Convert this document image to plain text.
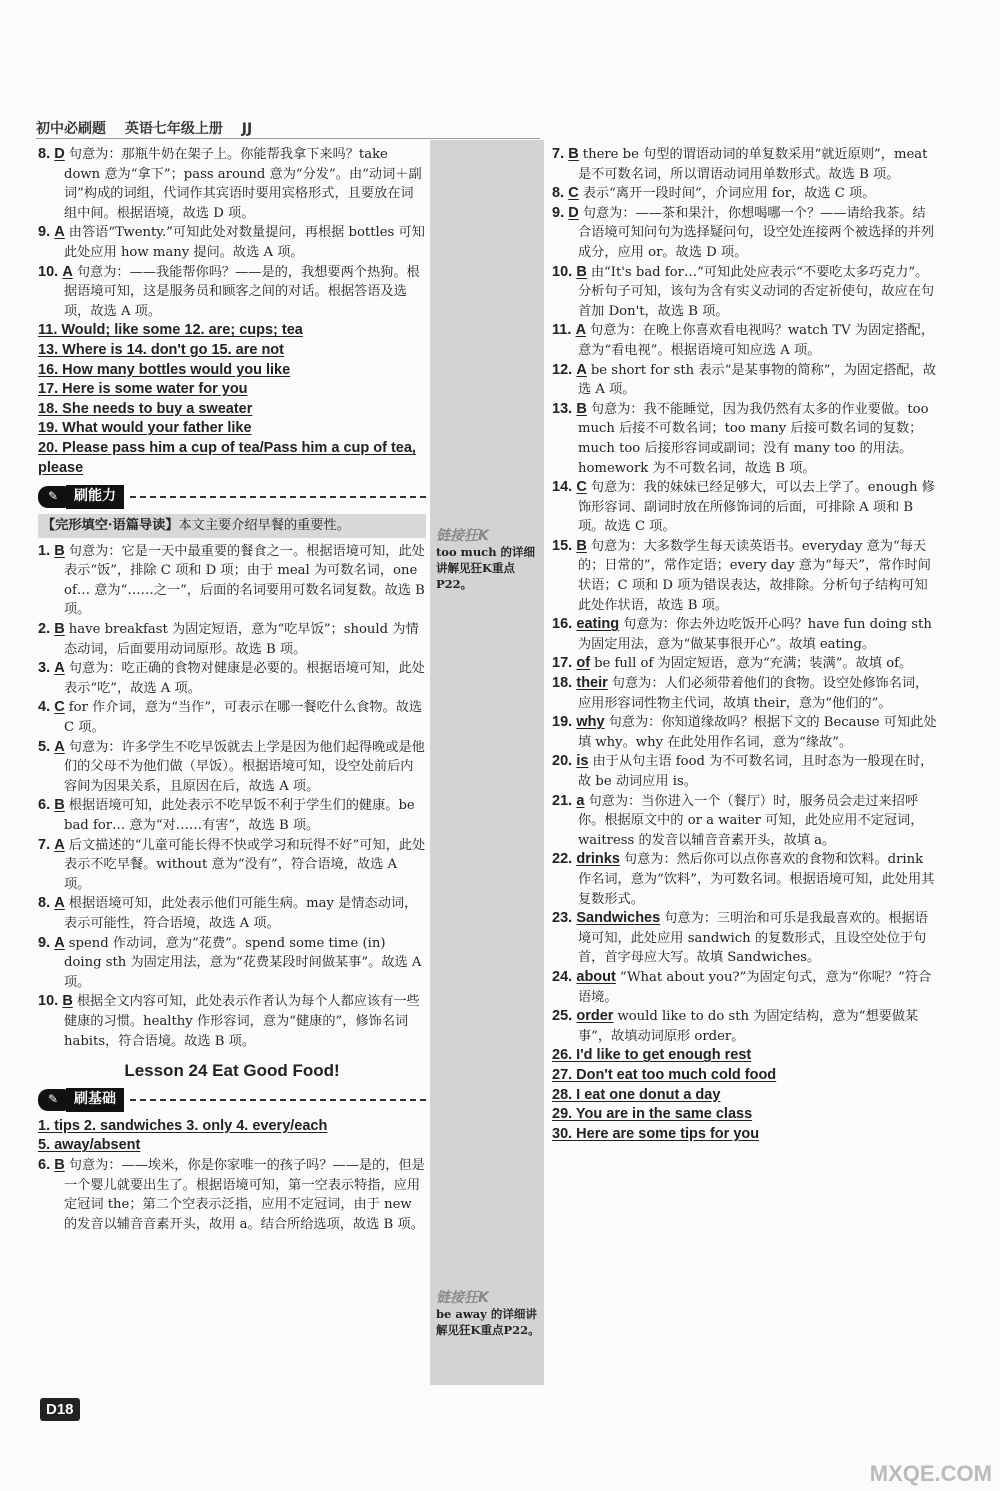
初中必刷题 英语七年级上册 JJ
链接狂K
too much 的详细讲解见狂K重点P22。
链接狂K
be away 的详细讲解见狂K重点P22。

8. D 句意为：那瓶牛奶在架子上。你能帮我拿下来吗？take down 意为“拿下”；pass around 意为“分发”。由“动词＋副词”构成的词组，代词作其宾语时要用宾格形式，且要放在词组中间。根据语境，故选 D 项。

9. A 由答语“Twenty.”可知此处对数量提问，再根据 bottles 可知此处应用 how many 提问。故选 A 项。

10. A 句意为：——我能帮你吗？——是的，我想要两个热狗。根据语境可知，这是服务员和顾客之间的对话。根据答语及选项，故选 A 项。

11. Would; like some 12. are; cups; tea

13. Where is 14. don't go 15. are not

16. How many bottles would you like

17. Here is some water for you

18. She needs to buy a sweater

19. What would your father like

20. Please pass him a cup of tea/Pass him a cup of tea, please

✎	刷能力
【完形填空·语篇导读】本文主要介绍早餐的重要性。

1. B 句意为：它是一天中最重要的餐食之一。根据语境可知，此处表示“饭”，排除 C 项和 D 项；由于 meal 为可数名词，one of… 意为“……之一”，后面的名词要用可数名词复数。故选 B 项。

2. B have breakfast 为固定短语，意为“吃早饭”；should 为情态动词，后面要用动词原形。故选 B 项。

3. A 句意为：吃正确的食物对健康是必要的。根据语境可知，此处表示“吃”，故选 A 项。

4. C for 作介词，意为“当作”，可表示在哪一餐吃什么食物。故选 C 项。

5. A 句意为：许多学生不吃早饭就去上学是因为他们起得晚或是他们的父母不为他们做（早饭）。根据语境可知，设空处前后内容间为因果关系，且原因在后，故选 A 项。

6. B 根据语境可知，此处表示不吃早饭不利于学生们的健康。be bad for… 意为“对……有害”，故选 B 项。

7. A 后文描述的“儿童可能长得不快或学习和玩得不好”可知，此处表示不吃早餐。without 意为“没有”，符合语境，故选 A 项。

8. A 根据语境可知，此处表示他们可能生病。may 是情态动词，表示可能性，符合语境，故选 A 项。

9. A spend 作动词，意为“花费”。spend some time (in) doing sth 为固定用法，意为“花费某段时间做某事”。故选 A 项。

10. B 根据全文内容可知，此处表示作者认为每个人都应该有一些健康的习惯。healthy 作形容词，意为“健康的”，修饰名词 habits，符合语境。故选 B 项。

Lesson 24 Eat Good Food!
✎	刷基础

1. tips 2. sandwiches 3. only 4. every/each

5. away/absent

6. B 句意为：——埃米，你是你家唯一的孩子吗？——是的，但是一个婴儿就要出生了。根据语境可知，第一空表示特指，应用定冠词 the；第二个空表示泛指，应用不定冠词，由于 new 的发音以辅音音素开头，故用 a。结合所给选项，故选 B 项。

7. B there be 句型的谓语动词的单复数采用“就近原则”，meat 是不可数名词，所以谓语动词用单数形式。故选 B 项。

8. C 表示“离开一段时间”，介词应用 for，故选 C 项。

9. D 句意为：——茶和果汁，你想喝哪一个？——请给我茶。结合语境可知问句为选择疑问句，设空处连接两个被选择的并列成分，应用 or。故选 D 项。

10. B 由“It's bad for…”可知此处应表示“不要吃太多巧克力”。分析句子可知，该句为含有实义动词的否定祈使句，故应在句首加 Don't，故选 B 项。

11. A 句意为：在晚上你喜欢看电视吗？watch TV 为固定搭配，意为“看电视”。根据语境可知应选 A 项。

12. A be short for sth 表示“是某事物的简称”，为固定搭配，故选 A 项。

13. B 句意为：我不能睡觉，因为我仍然有太多的作业要做。too much 后接不可数名词；too many 后接可数名词的复数；much too 后接形容词或副词；没有 many too 的用法。homework 为不可数名词，故选 B 项。

14. C 句意为：我的妹妹已经足够大，可以去上学了。enough 修饰形容词、副词时放在所修饰词的后面，可排除 A 项和 B 项。故选 C 项。

15. B 句意为：大多数学生每天读英语书。everyday 意为“每天的；日常的”，常作定语；every day 意为“每天”，常作时间状语；C 项和 D 项为错误表达，故排除。分析句子结构可知此处作状语，故选 B 项。

16. eating 句意为：你去外边吃饭开心吗？have fun doing sth 为固定用法，意为“做某事很开心”。故填 eating。

17. of be full of 为固定短语，意为“充满；装满”。故填 of。

18. their 句意为：人们必须带着他们的食物。设空处修饰名词，应用形容词性物主代词，故填 their，意为“他们的”。

19. why 句意为：你知道缘故吗？根据下文的 Because 可知此处填 why。why 在此处用作名词，意为“缘故”。

20. is 由于从句主语 food 为不可数名词，且时态为一般现在时，故 be 动词应用 is。

21. a 句意为：当你进入一个（餐厅）时，服务员会走过来招呼你。根据原文中的 or a waiter 可知，此处应用不定冠词，waitress 的发音以辅音音素开头，故填 a。

22. drinks 句意为：然后你可以点你喜欢的食物和饮料。drink 作名词，意为“饮料”，为可数名词。根据语境可知，此处用其复数形式。

23. Sandwiches 句意为：三明治和可乐是我最喜欢的。根据语境可知，此处应用 sandwich 的复数形式，且设空处位于句首，首字母应大写。故填 Sandwiches。

24. about “What about you?”为固定句式，意为“你呢？”符合语境。

25. order would like to do sth 为固定结构，意为“想要做某事”，故填动词原形 order。

26. I'd like to get enough rest

27. Don't eat too much cold food

28. I eat one donut a day

29. You are in the same class

30. Here are some tips for you

D18
MXQE.COM
